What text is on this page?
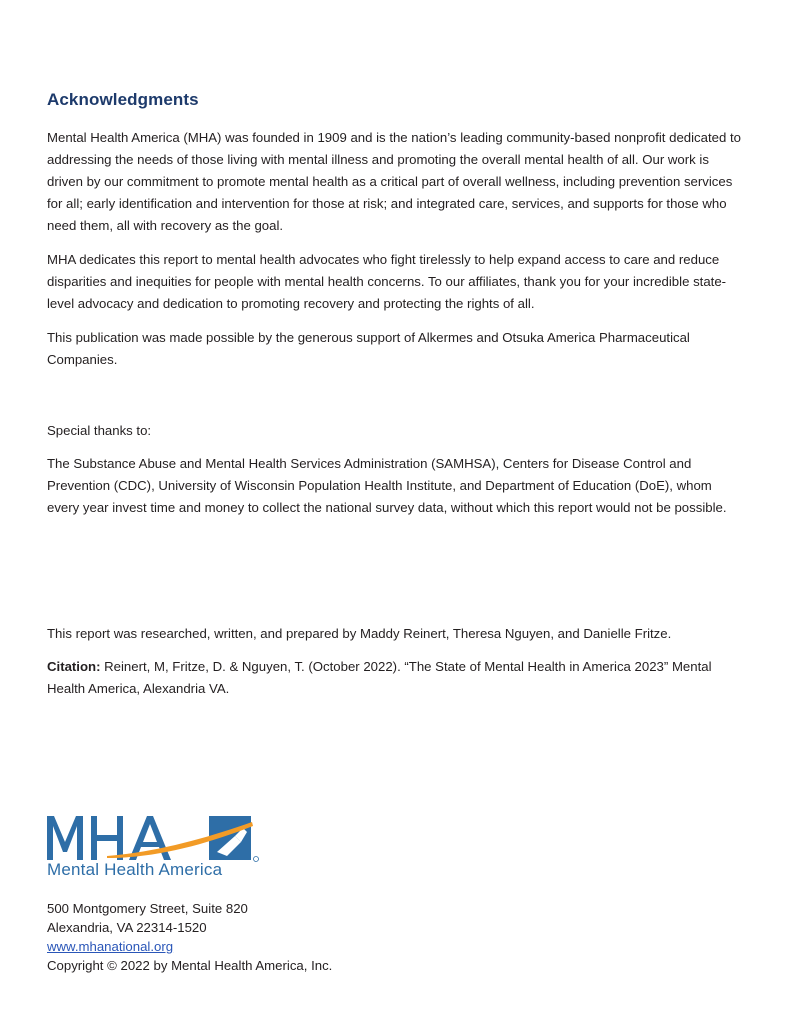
Acknowledgments

Mental Health America (MHA) was founded in 1909 and is the nation’s leading community-based nonprofit dedicated to addressing the needs of those living with mental illness and promoting the overall mental health of all. Our work is driven by our commitment to promote mental health as a critical part of overall wellness, including prevention services for all; early identification and intervention for those at risk; and integrated care, services, and supports for those who need them, all with recovery as the goal.

MHA dedicates this report to mental health advocates who fight tirelessly to help expand access to care and reduce disparities and inequities for people with mental health concerns. To our affiliates, thank you for your incredible state-level advocacy and dedication to promoting recovery and protecting the rights of all.

This publication was made possible by the generous support of Alkermes and Otsuka America Pharmaceutical Companies.

Special thanks to:

The Substance Abuse and Mental Health Services Administration (SAMHSA), Centers for Disease Control and Prevention (CDC), University of Wisconsin Population Health Institute, and Department of Education (DoE), whom every year invest time and money to collect the national survey data, without which this report would not be possible.

This report was researched, written, and prepared by Maddy Reinert, Theresa Nguyen, and Danielle Fritze.

Citation: Reinert, M, Fritze, D. & Nguyen, T. (October 2022). “The State of Mental Health in America 2023” Mental Health America, Alexandria VA.

Mental Health America
500 Montgomery Street, Suite 820
Alexandria, VA 22314-1520
www.mhanational.org
Copyright © 2022 by Mental Health America, Inc.
